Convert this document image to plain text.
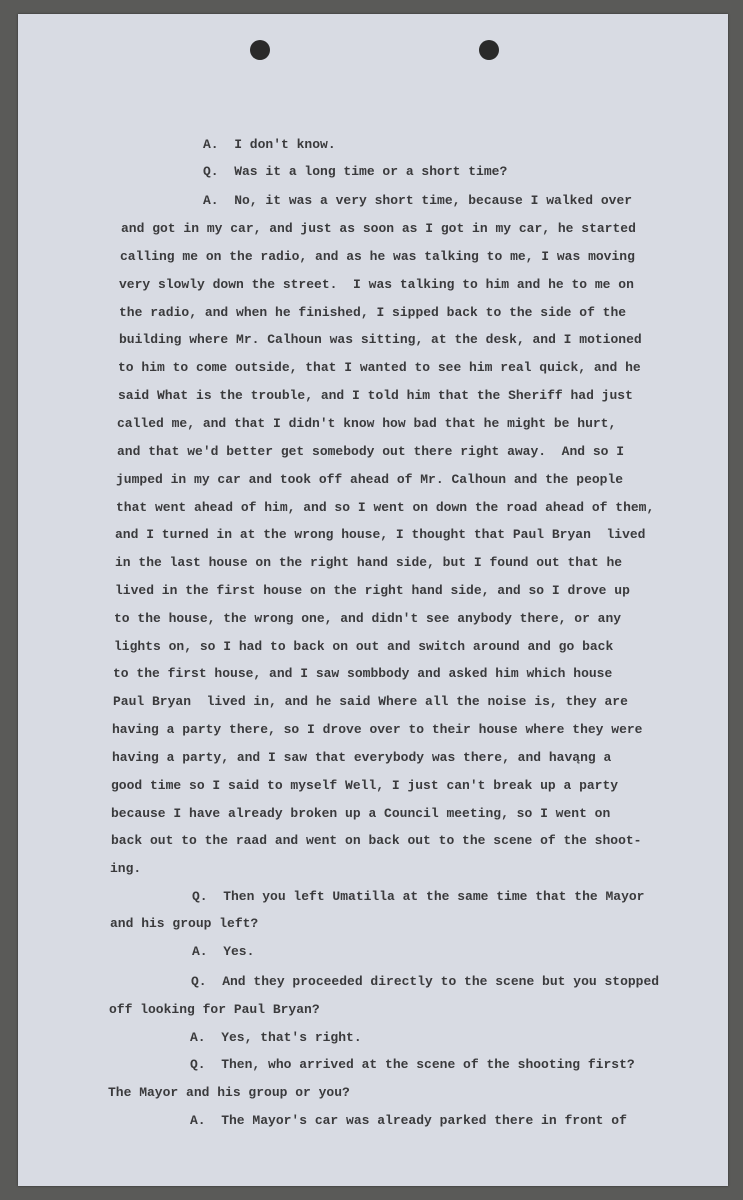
A.  I don't know.

Q.  Was it a long time or a short time?

A.  No, it was a very short time, because I walked over

and got in my car, and just as soon as I got in my car, he started

calling me on the radio, and as he was talking to me, I was moving

very slowly down the street.  I was talking to him and he to me on

the radio, and when he finished, I sipped back to the side of the

building where Mr. Calhoun was sitting, at the desk, and I motioned

to him to come outside, that I wanted to see him real quick, and he

said What is the trouble, and I told him that the Sheriff had just

called me, and that I didn't know how bad that he might be hurt,

and that we'd better get somebody out there right away.  And so I

jumped in my car and took off ahead of Mr. Calhoun and the people

that went ahead of him, and so I went on down the road ahead of them,

and I turned in at the wrong house, I thought that Paul Bryan  lived

in the last house on the right hand side, but I found out that he

lived in the first house on the right hand side, and so I drove up

to the house, the wrong one, and didn't see anybody there, or any

lights on, so I had to back on out and switch around and go back

to the first house, and I saw sombbody and asked him which house

Paul Bryan  lived in, and he said Where all the noise is, they are

having a party there, so I drove over to their house where they were

having a party, and I saw that everybody was there, and havąng a

good time so I said to myself Well, I just can't break up a party

because I have already broken up a Council meeting, so I went on

back out to the raad and went on back out to the scene of the shoot-

ing.

Q.  Then you left Umatilla at the same time that the Mayor

and his group left?

A.  Yes.

Q.  And they proceeded directly to the scene but you stopped

off looking for Paul Bryan?

A.  Yes, that's right.

Q.  Then, who arrived at the scene of the shooting first?

The Mayor and his group or you?

A.  The Mayor's car was already parked there in front of
